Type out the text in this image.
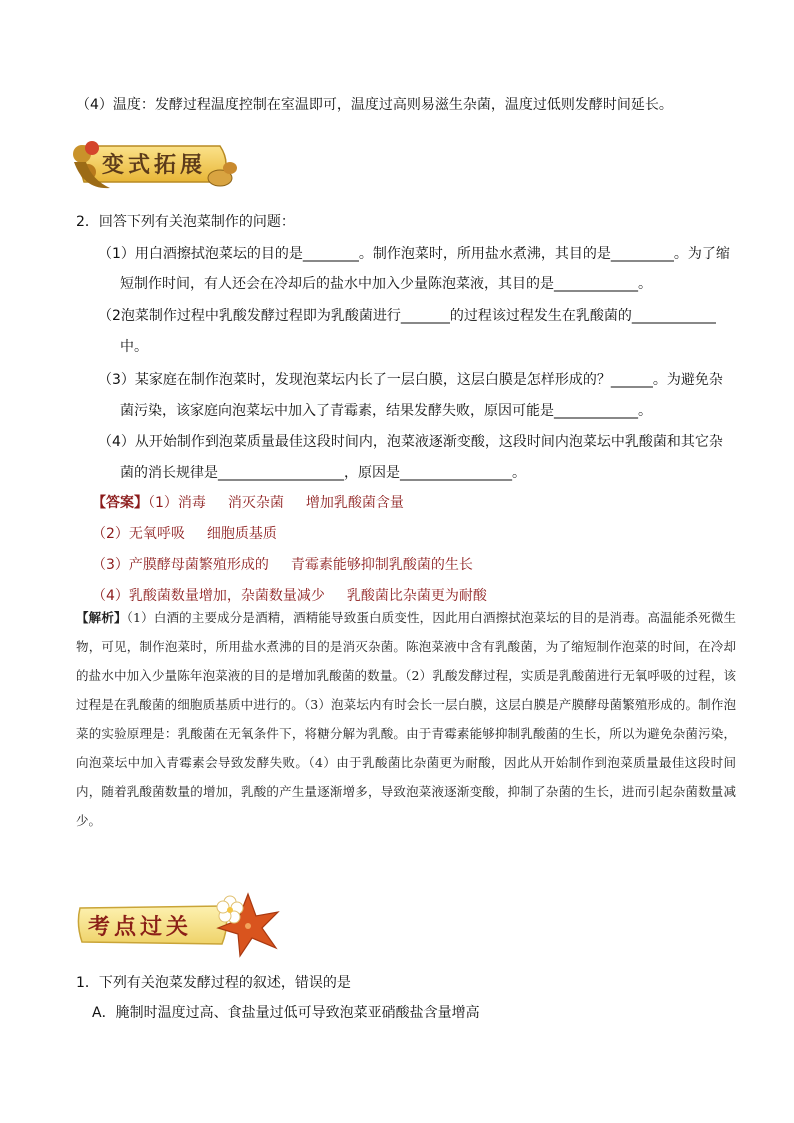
（4）温度：发酵过程温度控制在室温即可，温度过高则易滋生杂菌，温度过低则发酵时间延长。
变式拓展
2．回答下列有关泡菜制作的问题：
（1）用白酒擦拭泡菜坛的目的是________。制作泡菜时，所用盐水煮沸，其目的是_________。为了缩
短制作时间，有人还会在冷却后的盐水中加入少量陈泡菜液，其目的是____________。
（2泡菜制作过程中乳酸发酵过程即为乳酸菌进行_______的过程该过程发生在乳酸菌的____________
中。
（3）某家庭在制作泡菜时，发现泡菜坛内长了一层白膜，这层白膜是怎样形成的？______。为避免杂
菌污染，该家庭向泡菜坛中加入了青霉素，结果发酵失败，原因可能是____________。
（4）从开始制作到泡菜质量最佳这段时间内，泡菜液逐渐变酸，这段时间内泡菜坛中乳酸菌和其它杂
菌的消长规律是__________________，原因是________________。
【答案】（1）消毒 消灭杂菌 增加乳酸菌含量
（2）无氧呼吸 细胞质基质
（3）产膜酵母菌繁殖形成的 青霉素能够抑制乳酸菌的生长
（4）乳酸菌数量增加，杂菌数量减少 乳酸菌比杂菌更为耐酸
【解析】（1）白酒的主要成分是酒精，酒精能导致蛋白质变性，因此用白酒擦拭泡菜坛的目的是消毒。高温能杀死微生物，可见，制作泡菜时，所用盐水煮沸的目的是消灭杂菌。陈泡菜液中含有乳酸菌，为了缩短制作泡菜的时间，在冷却的盐水中加入少量陈年泡菜液的目的是增加乳酸菌的数量。（2）乳酸发酵过程，实质是乳酸菌进行无氧呼吸的过程，该过程是在乳酸菌的细胞质基质中进行的。（3）泡菜坛内有时会长一层白膜，这层白膜是产膜酵母菌繁殖形成的。制作泡菜的实验原理是：乳酸菌在无氧条件下，将糖分解为乳酸。由于青霉素能够抑制乳酸菌的生长，所以为避免杂菌污染，向泡菜坛中加入青霉素会导致发酵失败。（4）由于乳酸菌比杂菌更为耐酸，因此从开始制作到泡菜质量最佳这段时间内，随着乳酸菌数量的增加，乳酸的产生量逐渐增多，导致泡菜液逐渐变酸，抑制了杂菌的生长，进而引起杂菌数量减少。
考点过关
1．下列有关泡菜发酵过程的叙述，错误的是
A．腌制时温度过高、食盐量过低可导致泡菜亚硝酸盐含量增高
